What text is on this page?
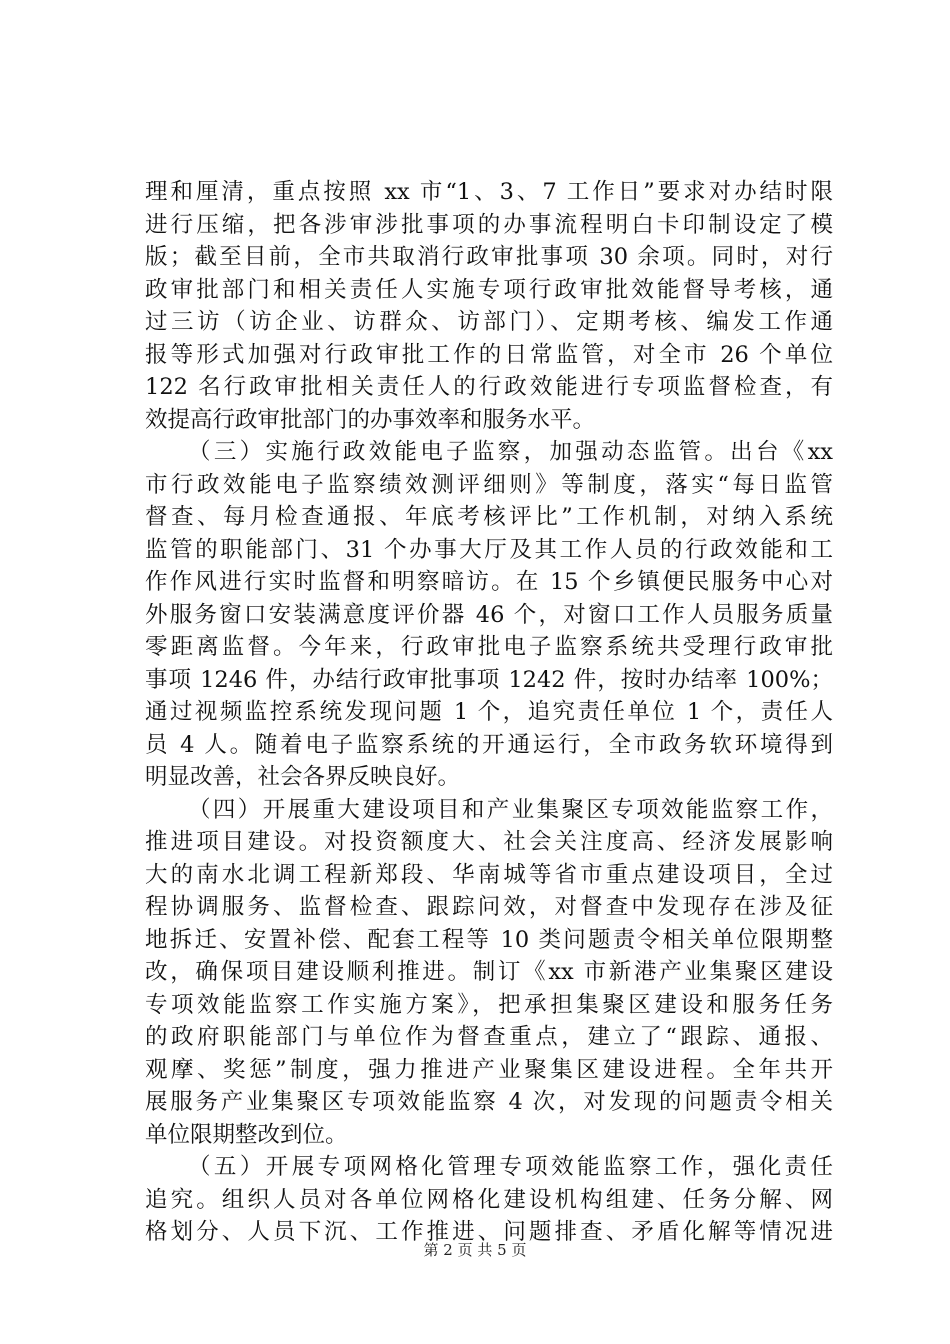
理和厘清，重点按照 xx 市“1、3、7 工作日”要求对办结时限
进行压缩，把各涉审涉批事项的办事流程明白卡印制设定了模
版；截至目前，全市共取消行政审批事项 30 余项。同时，对行
政审批部门和相关责任人实施专项行政审批效能督导考核，通
过三访（访企业、访群众、访部门）、定期考核、编发工作通
报等形式加强对行政审批工作的日常监管，对全市 26 个单位
122 名行政审批相关责任人的行政效能进行专项监督检查，有
效提高行政审批部门的办事效率和服务水平。
（三）实施行政效能电子监察，加强动态监管。出台《xx
市行政效能电子监察绩效测评细则》等制度，落实“每日监管
督查、每月检查通报、年底考核评比”工作机制，对纳入系统
监管的职能部门、31 个办事大厅及其工作人员的行政效能和工
作作风进行实时监督和明察暗访。在 15 个乡镇便民服务中心对
外服务窗口安装满意度评价器 46 个，对窗口工作人员服务质量
零距离监督。今年来，行政审批电子监察系统共受理行政审批
事项 1246 件，办结行政审批事项 1242 件，按时办结率 100%；
通过视频监控系统发现问题 1 个，追究责任单位 1 个，责任人
员 4 人。随着电子监察系统的开通运行，全市政务软环境得到
明显改善，社会各界反映良好。
（四）开展重大建设项目和产业集聚区专项效能监察工作，
推进项目建设。对投资额度大、社会关注度高、经济发展影响
大的南水北调工程新郑段、华南城等省市重点建设项目，全过
程协调服务、监督检查、跟踪问效，对督查中发现存在涉及征
地拆迁、安置补偿、配套工程等 10 类问题责令相关单位限期整
改，确保项目建设顺利推进。制订《xx 市新港产业集聚区建设
专项效能监察工作实施方案》，把承担集聚区建设和服务任务
的政府职能部门与单位作为督查重点，建立了“跟踪、通报、
观摩、奖惩”制度，强力推进产业聚集区建设进程。全年共开
展服务产业集聚区专项效能监察 4 次，对发现的问题责令相关
单位限期整改到位。
（五）开展专项网格化管理专项效能监察工作，强化责任
追究。组织人员对各单位网格化建设机构组建、任务分解、网
格划分、人员下沉、工作推进、问题排查、矛盾化解等情况进
第 2 页 共 5 页
